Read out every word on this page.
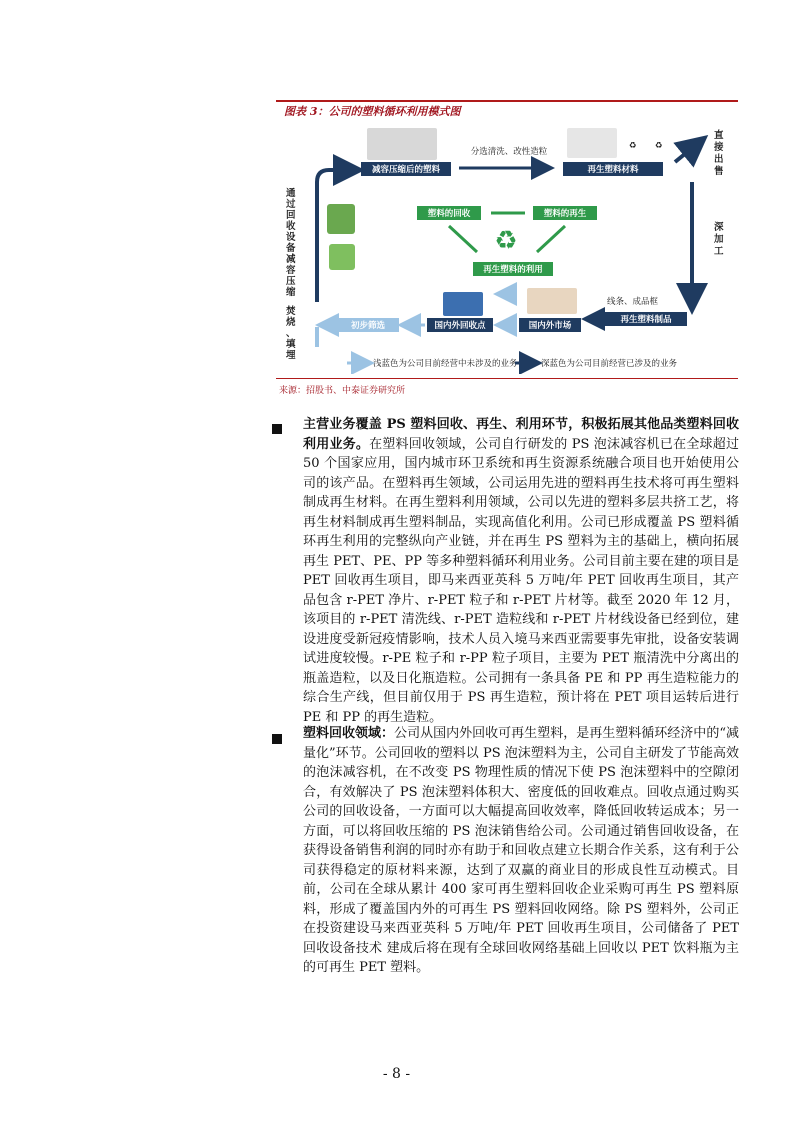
图表 3：公司的塑料循环利用模式图
减容压缩后的塑料
分选清洗、改性造粒
♻ ♻
再生塑料材料
直接出售
深加工
通过回收 设备减容 压缩
塑料的回收	塑料的再生
♻
再生塑料的利用
线条、成品框
再生塑料制品
国内外市场
国内外回收点
初步筛选
焚烧、填埋
浅蓝色为公司目前经营中未涉及的业务	深蓝色为公司目前经营已涉及的业务
来源：招股书、中泰证券研究所
主营业务覆盖 PS 塑料回收、再生、利用环节，积极拓展其他品类塑料回收利用业务。在塑料回收领域，公司自行研发的 PS 泡沫减容机已在全球超过 50 个国家应用，国内城市环卫系统和再生资源系统融合项目也开始使用公司的该产品。在塑料再生领域，公司运用先进的塑料再生技术将可再生塑料制成再生材料。在再生塑料利用领域，公司以先进的塑料多层共挤工艺，将再生材料制成再生塑料制品，实现高值化利用。公司已形成覆盖 PS 塑料循环再生利用的完整纵向产业链，并在再生 PS 塑料为主的基础上，横向拓展再生 PET、PE、PP 等多种塑料循环利用业务。公司目前主要在建的项目是 PET 回收再生项目，即马来西亚英科 5 万吨/年 PET 回收再生项目，其产品包含 r-PET 净片、r-PET 粒子和 r-PET 片材等。截至 2020 年 12 月，该项目的 r-PET 清洗线、r-PET 造粒线和 r-PET 片材线设备已经到位，建设进度受新冠疫情影响，技术人员入境马来西亚需要事先审批，设备安装调试进度较慢。r-PE 粒子和 r-PP 粒子项目，主要为 PET 瓶清洗中分离出的瓶盖造粒，以及日化瓶造粒。公司拥有一条具备 PE 和 PP 再生造粒能力的综合生产线，但目前仅用于 PS 再生造粒，预计将在 PET 项目运转后进行 PE 和 PP 的再生造粒。
塑料回收领域：公司从国内外回收可再生塑料，是再生塑料循环经济中的“减量化”环节。公司回收的塑料以 PS 泡沫塑料为主，公司自主研发了节能高效的泡沫减容机，在不改变 PS 物理性质的情况下使 PS 泡沫塑料中的空隙闭合，有效解决了 PS 泡沫塑料体积大、密度低的回收难点。回收点通过购买公司的回收设备，一方面可以大幅提高回收效率，降低回收转运成本；另一方面，可以将回收压缩的 PS 泡沫销售给公司。公司通过销售回收设备，在获得设备销售利润的同时亦有助于和回收点建立长期合作关系，这有利于公司获得稳定的原材料来源，达到了双赢的商业目的形成良性互动模式。目前，公司在全球从累计 400 家可再生塑料回收企业采购可再生 PS 塑料原料，形成了覆盖国内外的可再生 PS 塑料回收网络。除 PS 塑料外，公司正在投资建设马来西亚英科 5 万吨/年 PET 回收再生项目，公司储备了 PET 回收设备技术 建成后将在现有全球回收网络基础上回收以 PET 饮料瓶为主的可再生 PET 塑料。
- 8 -
